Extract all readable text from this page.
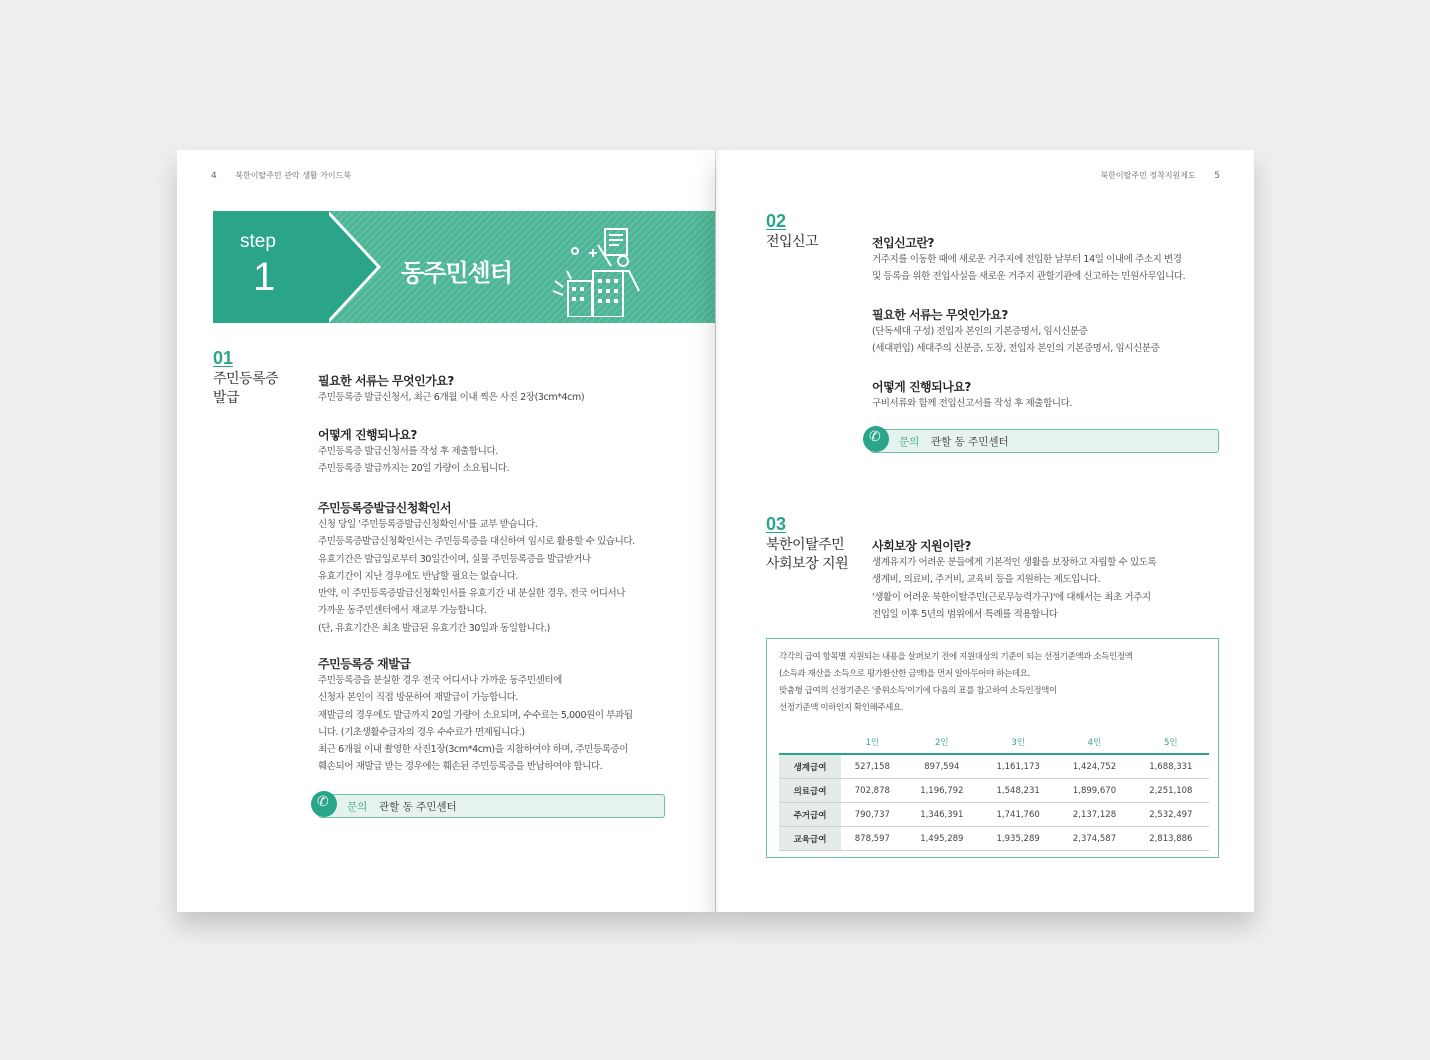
4 북한이탈주민 관악 생활 가이드북
step
1	동주민센터
01
주민등록증
발급
필요한 서류는 무엇인가요?
주민등록증 발급신청서, 최근 6개월 이내 찍은 사진 2장(3cm*4cm)
어떻게 진행되나요?
주민등록증 발급신청서를 작성 후 제출합니다.
주민등록증 발급까지는 20일 가량이 소요됩니다.
주민등록증발급신청확인서
신청 당일 '주민등록증발급신청확인서'를 교부 받습니다.
주민등록증발급신청확인서는 주민등록증을 대신하여 임시로 활용할 수 있습니다.
유효기간은 발급일로부터 30일간이며, 실물 주민등록증을 발급받거나
유효기간이 지난 경우에도 반납할 필요는 없습니다.
만약, 이 주민등록증발급신청확인서를 유효기간 내 분실한 경우, 전국 어디서나
가까운 동주민센터에서 재교부 가능합니다.
(단, 유효기간은 최초 발급된 유효기간 30일과 동일합니다.)
주민등록증 재발급
주민등록증을 분실한 경우 전국 어디서나 가까운 동주민센터에
신청자 본인이 직접 방문하여 재발급이 가능합니다.
재발급의 경우에도 발급까지 20일 가량이 소요되며, 수수료는 5,000원이 부과됩
니다. (기초생활수급자의 경우 수수료가 면제됩니다.)
최근 6개월 이내 촬영한 사진1장(3cm*4cm)을 지참하여야 하며, 주민등록증이
훼손되어 재발급 받는 경우에는 훼손된 주민등록증을 반납하여야 합니다.
✆
문의 관할 동 주민센터
북한이탈주민 정착지원제도 5
02
전입신고	전입신고란?
거주지를 이동한 때에 새로운 거주지에 전입한 날부터 14일 이내에 주소지 변경
및 등록을 위한 전입사실을 새로운 거주지 관할기관에 신고하는 민원사무입니다.
필요한 서류는 무엇인가요?
(단독세대 구성) 전입자 본인의 기본증명서, 임시신분증
(세대편입) 세대주의 신분증, 도장, 전입자 본인의 기본증명서, 임시신분증
어떻게 진행되나요?
구비서류와 함께 전입신고서를 작성 후 제출합니다.
✆
문의 관할 동 주민센터
03
북한이탈주민
사회보장 지원
사회보장 지원이란?
생계유지가 어려운 분들에게 기본적인 생활을 보장하고 자립할 수 있도록
생계비, 의료비, 주거비, 교육비 등을 지원하는 제도입니다.
'생활이 어려운 북한이탈주민(근로무능력가구)'에 대해서는 최초 거주지
전입일 이후 5년의 범위에서 특례를 적용합니다
각각의 급여 항목별 지원되는 내용을 살펴보기 전에 지원대상의 기준이 되는 선정기준액과 소득인정액
(소득과 재산을 소득으로 평가환산한 금액)을 먼저 알아두어야 하는데요.
맞춤형 급여의 선정기준은 '중위소득'이기에 다음의 표를 참고하여 소득인정액이
선정기준액 이하인지 확인해주세요.
	1인	2인	3인	4인	5인
생계급여	527,158	897,594	1,161,173	1,424,752	1,688,331
의료급여	702,878	1,196,792	1,548,231	1,899,670	2,251,108
주거급여	790,737	1,346,391	1,741,760	2,137,128	2,532,497
교육급여	878,597	1,495,289	1,935,289	2,374,587	2,813,886
